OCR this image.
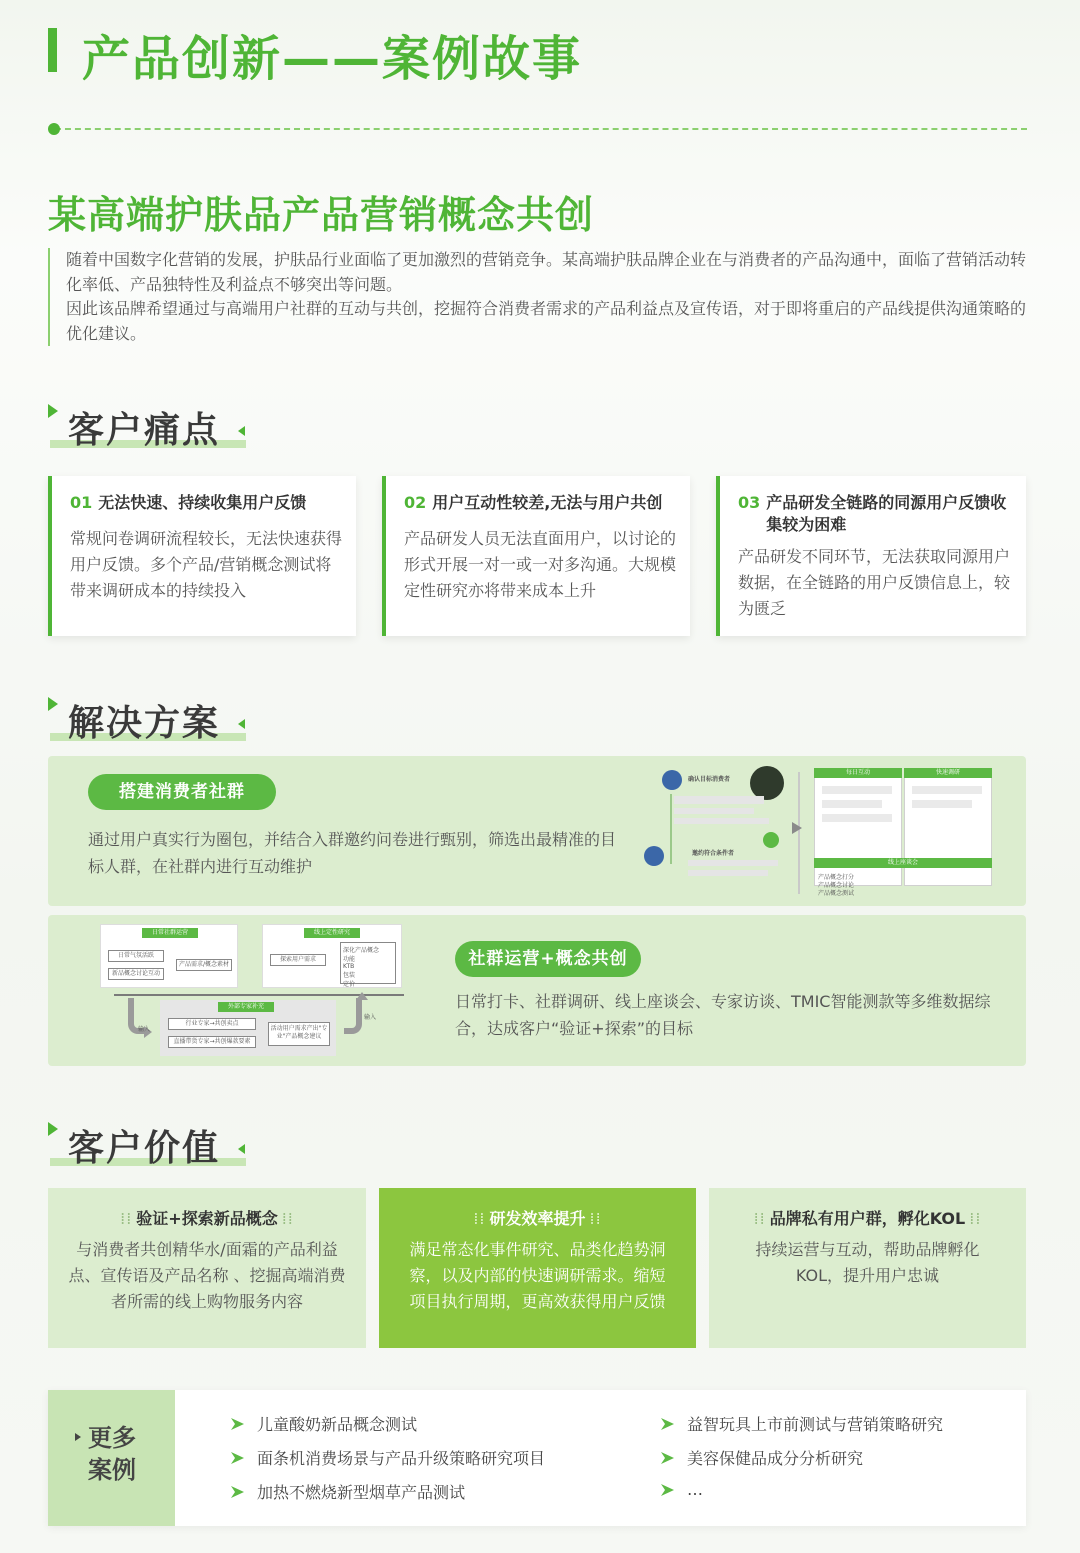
产品创新——案例故事
某高端护肤品产品营销概念共创

随着中国数字化营销的发展，护肤品行业面临了更加激烈的营销竞争。某高端护肤品牌企业在与消费者的产品沟通中，面临了营销活动转化率低、产品独特性及利益点不够突出等问题。

因此该品牌希望通过与高端用户社群的互动与共创，挖掘符合消费者需求的产品利益点及宣传语，对于即将重启的产品线提供沟通策略的优化建议。

客户痛点
01 无法快速、持续收集用户反馈
常规问卷调研流程较长，无法快速获得用户反馈。多个产品/营销概念测试将带来调研成本的持续投入
02 用户互动性较差,无法与用户共创
产品研发人员无法直面用户，以讨论的形式开展一对一或一对多沟通。大规模定性研究亦将带来成本上升
03 产品研发全链路的同源用户反馈收集较为困难
产品研发不同环节，无法获取同源用户数据，在全链路的用户反馈信息上，较为匮乏
解决方案
搭建消费者社群
通过用户真实行为圈包，并结合入群邀约问卷进行甄别，筛选出最精准的目标人群，在社群内进行互动维护
确认目标消费者
邀约符合条件者
每日互动	快速调研
线上座谈会
产品概念打分
产品概念讨论
产品概念测试
社群运营+概念共创
日常打卡、社群调研、线上座谈会、专家访谈、TMIC智能测款等多维数据综合，达成客户“验证+探索”的目标
日常社群运营
日常气氛活跃
新品概念讨论互动
产品需求/概念素材
线上定性研究
探索用户需求
深化产品概念
功能
KTB
包装
定价
输入
外部专家补充
行业专家→共创卖点
直播带货专家→共创爆款要素
活动用户需求产出"专业"产品概念建议
输入
客户价值
⁞⁞ 验证+探索新品概念 ⁞⁞
与消费者共创精华水/面霜的产品利益点、宣传语及产品名称 、挖掘高端消费者所需的线上购物服务内容
⁞⁞ 研发效率提升 ⁞⁞
满足常态化事件研究、品类化趋势洞察，以及内部的快速调研需求。缩短项目执行周期，更高效获得用户反馈
⁞⁞ 品牌私有用户群，孵化KOL ⁞⁞
持续运营与互动，帮助品牌孵化KOL，提升用户忠诚
更多案例
儿童酸奶新品概念测试
面条机消费场景与产品升级策略研究项目
加热不燃烧新型烟草产品测试
益智玩具上市前测试与营销策略研究
美容保健品成分分析研究
…
